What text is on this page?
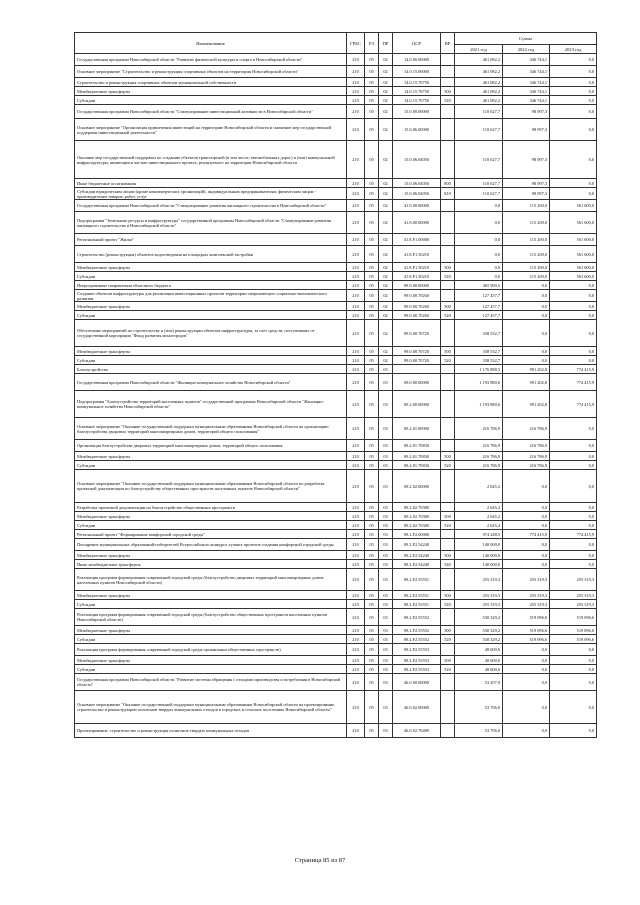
Наименование	ГРБС	РЗ	ПР	ЦСР	ВР	Сумма		
						2021 год	2022 год	2023 год
Государственная программа Новосибирской области "Развитие физической культуры и спорта в Новосибирской области"	210	05	02	14.0.00.00000		461 082,2	346 744,1	0,0
Основное мероприятие "Строительство и реконструкция спортивных объектов на территории Новосибирской области"	210	05	02	14.0.15.00000		461 082,2	346 744,1	0,0
Строительство и реконструкция спортивных объектов муниципальной собственности	210	05	02	14.0.15.70750		461 082,2	346 744,1	0,0
Межбюджетные трансферты	210	05	02	14.0.15.70750	500	461 082,2	346 744,1	0,0
Субсидии	210	05	02	14.0.15.70750	520	461 082,2	346 744,1	0,0
Государственная программа Новосибирской области "Стимулирование инвестиционной активности в Новосибирской области"	210	05	02	15.0.00.00000		110 627,7	98 097,3	0,0
Основное мероприятие "Организация привлечения инвестиций на территорию Новосибирской области и снижение мер государственной поддержки инвестиционной деятельности"	210	05	02	15.0.06.00000		110 627,7	98 097,3	0,0
Оказание мер государственной поддержки по созданию объектов транспортной (в том числе, автомобильных дорог) и (или) коммунальной инфраструктуры, являющихся частью инвестиционного проекта, реализуемого на территории Новосибирской области	210	05	02	15.0.06.04050		110 627,7	98 097,3	0,0
Иные бюджетные ассигнования	210	05	02	15.0.06.04050	800	110 627,7	98 097,3	0,0
Субсидии юридическим лицам (кроме некоммерческих организаций), индивидуальным предпринимателям, физическим лицам - производителям товаров, работ, услуг	210	05	02	15.0.06.04050	810	110 627,7	98 097,3	0,0
Государственная программа Новосибирской области "Стимулирование развития жилищного строительства в Новосибирской области"	210	05	02	41.0.00.00000		0,0	115 200,0	561 600,0
Подпрограмма "Земельные ресурсы и инфраструктура" государственной программы Новосибирской области "Стимулирование развития жилищного строительства в Новосибирской области"	210	05	02	41.8.00.00000		0,0	115 200,0	561 600,0
Региональный проект "Жилье"	210	05	02	41.8.F1.00000		0,0	115 200,0	561 600,0
Строительство (реконструкция) объектов водоотведения на площадках комплексной застройки	210	05	02	41.8.F1.50210		0,0	115 200,0	561 600,0
Межбюджетные трансферты	210	05	02	41.8.F1.50210	500	0,0	115 200,0	561 600,0
Субсидии	210	05	02	41.8.F1.50210	520	0,0	115 200,0	561 600,0
Непрограммные направления областного бюджета	210	05	02	99.0.00.00000		465 990,5	0,0	0,0
Создание объектов инфраструктуры для реализации инвестиционных проектов территории опережающего социально-экономического развития	210	05	02	99.0.00.70260		127 457,7	0,0	0,0
Межбюджетные трансферты	210	05	02	99.0.00.70260	500	127 457,7	0,0	0,0
Субсидии	210	05	02	99.0.00.70260	520	127 457,7	0,0	0,0
Обеспечение мероприятий по строительству и (или) реконструкции объектов инфраструктуры, за счет средств, поступивших от государственной корпорации "Фонд развития моногородов"	210	05	02	99.0.00.70720		338 532,7	0,0	0,0
Межбюджетные трансферты	210	05	02	99.0.00.70720	500	338 532,7	0,0	0,0
Субсидии	210	05	02	99.0.00.70720	520	338 532,7	0,0	0,0
Благоустройство	210	05	03			1 176 888,5	991 202,8	774 415,9
Государственная программа Новосибирской области "Жилищно-коммунальное хозяйство Новосибирской области"	210	05	03	09.0.00.00000		1 193 880,6	991 202,8	774 415,9
Подпрограмма "Благоустройство территорий населенных пунктов" государственной программы Новосибирской области "Жилищно-коммунальное хозяйство Новосибирской области"	210	05	03	09.2.00.00000		1 193 880,6	991 202,8	774 415,9
Основное мероприятие "Оказание государственной поддержки муниципальным образованиям Новосибирской области на организацию благоустройства дворовых территорий многоквартирных домов, территорий общего пользования"	210	05	03	09.2.01.00000		216 786,9	216 786,9	0,0
Организация благоустройства дворовых территорий многоквартирных домов, территорий общего пользования	210	05	03	09.2.01.70830		216 786,9	216 786,9	0,0
Межбюджетные трансферты	210	05	03	09.2.01.70830	500	216 786,9	216 786,9	0,0
Субсидии	210	05	03	09.2.01.70830	520	216 786,9	216 786,9	0,0
Основное мероприятие "Оказание государственной поддержки муниципальным образованиям Новосибирской области по разработке проектной документации по благоустройству общественных пространств населенных пунктов Новосибирской области"	210	05	03	09.2.02.00000		2 645,2	0,0	0,0
Разработка проектной документации на благоустройство общественных пространств	210	05	03	09.2.02.70380		2 645,2	0,0	0,0
Межбюджетные трансферты	210	05	03	09.2.02.70380	500	2 645,2	0,0	0,0
Субсидии	210	05	03	09.2.02.70380	520	2 645,2	0,0	0,0
Региональный проект "Формирование комфортной городской среды"	210	05	03	09.2.F2.00000		974 248,5	774 415,9	774 415,9
Поощрение муниципальных образований-победителей Всероссийского конкурса лучших проектов создания комфортной городской среды	210	05	03	09.2.F2.54240		140 000,0	0,0	0,0
Межбюджетные трансферты	210	05	03	09.2.F2.54240	500	140 000,0	0,0	0,0
Иные межбюджетные трансферты	210	05	03	09.2.F2.54240	540	140 000,0	0,0	0,0
Реализация программ формирования современной городской среды (благоустройство дворовых территорий многоквартирных домов населенных пунктов Новосибирской области)	210	05	03	09.2.F2.55551		255 319,3	255 319,3	255 319,3
Межбюджетные трансферты	210	05	03	09.2.F2.55551	500	255 319,3	255 319,3	255 319,3
Субсидии	210	05	03	09.2.F2.55551	520	255 319,3	255 319,3	255 319,3
Реализация программ формирования современной городской среды (благоустройство общественных пространств населенных пунктов Новосибирской области)	210	05	03	09.2.F2.55552		530 329,2	519 096,6	519 096,6
Межбюджетные трансферты	210	05	03	09.2.F2.55552	500	530 329,2	519 096,6	519 096,6
Субсидии	210	05	03	09.2.F2.55552	520	530 329,2	519 096,6	519 096,6
Реализация программ формирования современной городской среды организации общественных пространств)	210	05	03	09.2.F2.55553		48 600,0	0,0	0,0
Межбюджетные трансферты	210	05	03	09.2.F2.55553	500	48 600,0	0,0	0,0
Субсидии	210	05	03	09.2.F2.55553	520	48 600,0	0,0	0,0
Государственная программа Новосибирской области "Развитие системы обращения с отходами производства и потребления в Новосибирской области"	210	05	03	46.0.00.00000		53 207,9	0,0	0,0
Основное мероприятие "Оказание государственной поддержки муниципальным образованиям Новосибирской области на проектирование, строительство и реконструкцию полигонов твердых коммунальных отходов в городских и сельских поселениях Новосибирской области"	210	05	03	46.0.02.00000		53 706,0	0,0	0,0
Проектирование, строительство и реконструкция полигонов твердых коммунальных отходов	210	05	03	46.0.02.70480		53 706,0	0,0	0,0
Страница 85 из 87
